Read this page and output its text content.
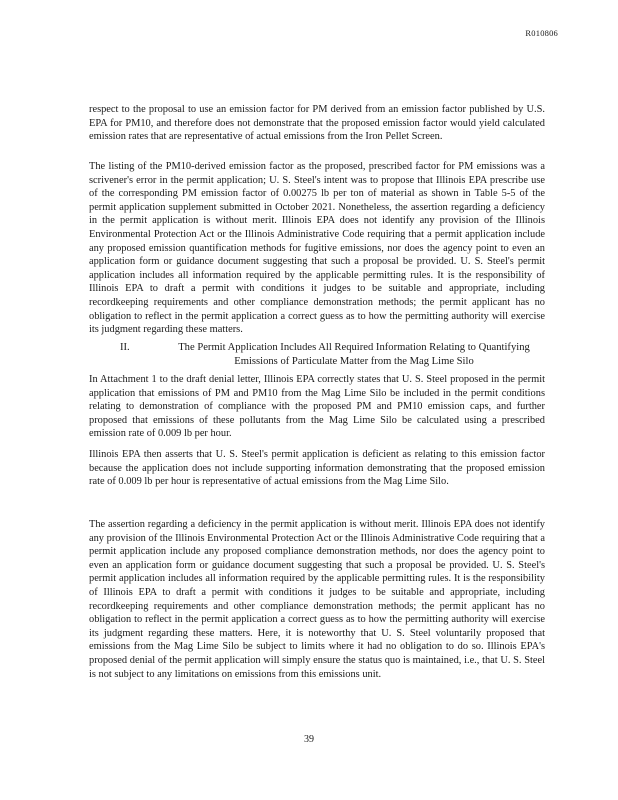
R010806

respect to the proposal to use an emission factor for PM derived from an emission factor published by U.S. EPA for PM10, and therefore does not demonstrate that the proposed emission factor would yield calculated emission rates that are representative of actual emissions from the Iron Pellet Screen.

The listing of the PM10-derived emission factor as the proposed, prescribed factor for PM emissions was a scrivener's error in the permit application; U. S. Steel's intent was to propose that Illinois EPA prescribe use of the corresponding PM emission factor of 0.00275 lb per ton of material as shown in Table 5-5 of the permit application supplement submitted in October 2021. Nonetheless, the assertion regarding a deficiency in the permit application is without merit. Illinois EPA does not identify any provision of the Illinois Environmental Protection Act or the Illinois Administrative Code requiring that a permit application include any proposed emission quantification methods for fugitive emissions, nor does the agency point to even an application form or guidance document suggesting that such a proposal be provided. U. S. Steel's permit application includes all information required by the applicable permitting rules. It is the responsibility of Illinois EPA to draft a permit with conditions it judges to be suitable and appropriate, including recordkeeping requirements and other compliance demonstration methods; the permit applicant has no obligation to reflect in the permit application a correct guess as to how the permitting authority will exercise its judgment regarding these matters.

II.	The Permit Application Includes All Required Information Relating to Quantifying Emissions of Particulate Matter from the Mag Lime Silo

In Attachment 1 to the draft denial letter, Illinois EPA correctly states that U. S. Steel proposed in the permit application that emissions of PM and PM10 from the Mag Lime Silo be included in the permit conditions relating to demonstration of compliance with the proposed PM and PM10 emission caps, and further proposed that emissions of these pollutants from the Mag Lime Silo be calculated using a prescribed emission rate of 0.009 lb per hour.

Illinois EPA then asserts that U. S. Steel's permit application is deficient as relating to this emission factor because the application does not include supporting information demonstrating that the proposed emission rate of 0.009 lb per hour is representative of actual emissions from the Mag Lime Silo.

The assertion regarding a deficiency in the permit application is without merit. Illinois EPA does not identify any provision of the Illinois Environmental Protection Act or the Illinois Administrative Code requiring that a permit application include any proposed compliance demonstration methods, nor does the agency point to even an application form or guidance document suggesting that such a proposal be provided. U. S. Steel's permit application includes all information required by the applicable permitting rules. It is the responsibility of Illinois EPA to draft a permit with conditions it judges to be suitable and appropriate, including recordkeeping requirements and other compliance demonstration methods; the permit applicant has no obligation to reflect in the permit application a correct guess as to how the permitting authority will exercise its judgment regarding these matters. Here, it is noteworthy that U. S. Steel voluntarily proposed that emissions from the Mag Lime Silo be subject to limits where it had no obligation to do so. Illinois EPA's proposed denial of the permit application will simply ensure the status quo is maintained, i.e., that U. S. Steel is not subject to any limitations on emissions from this emissions unit.

39
